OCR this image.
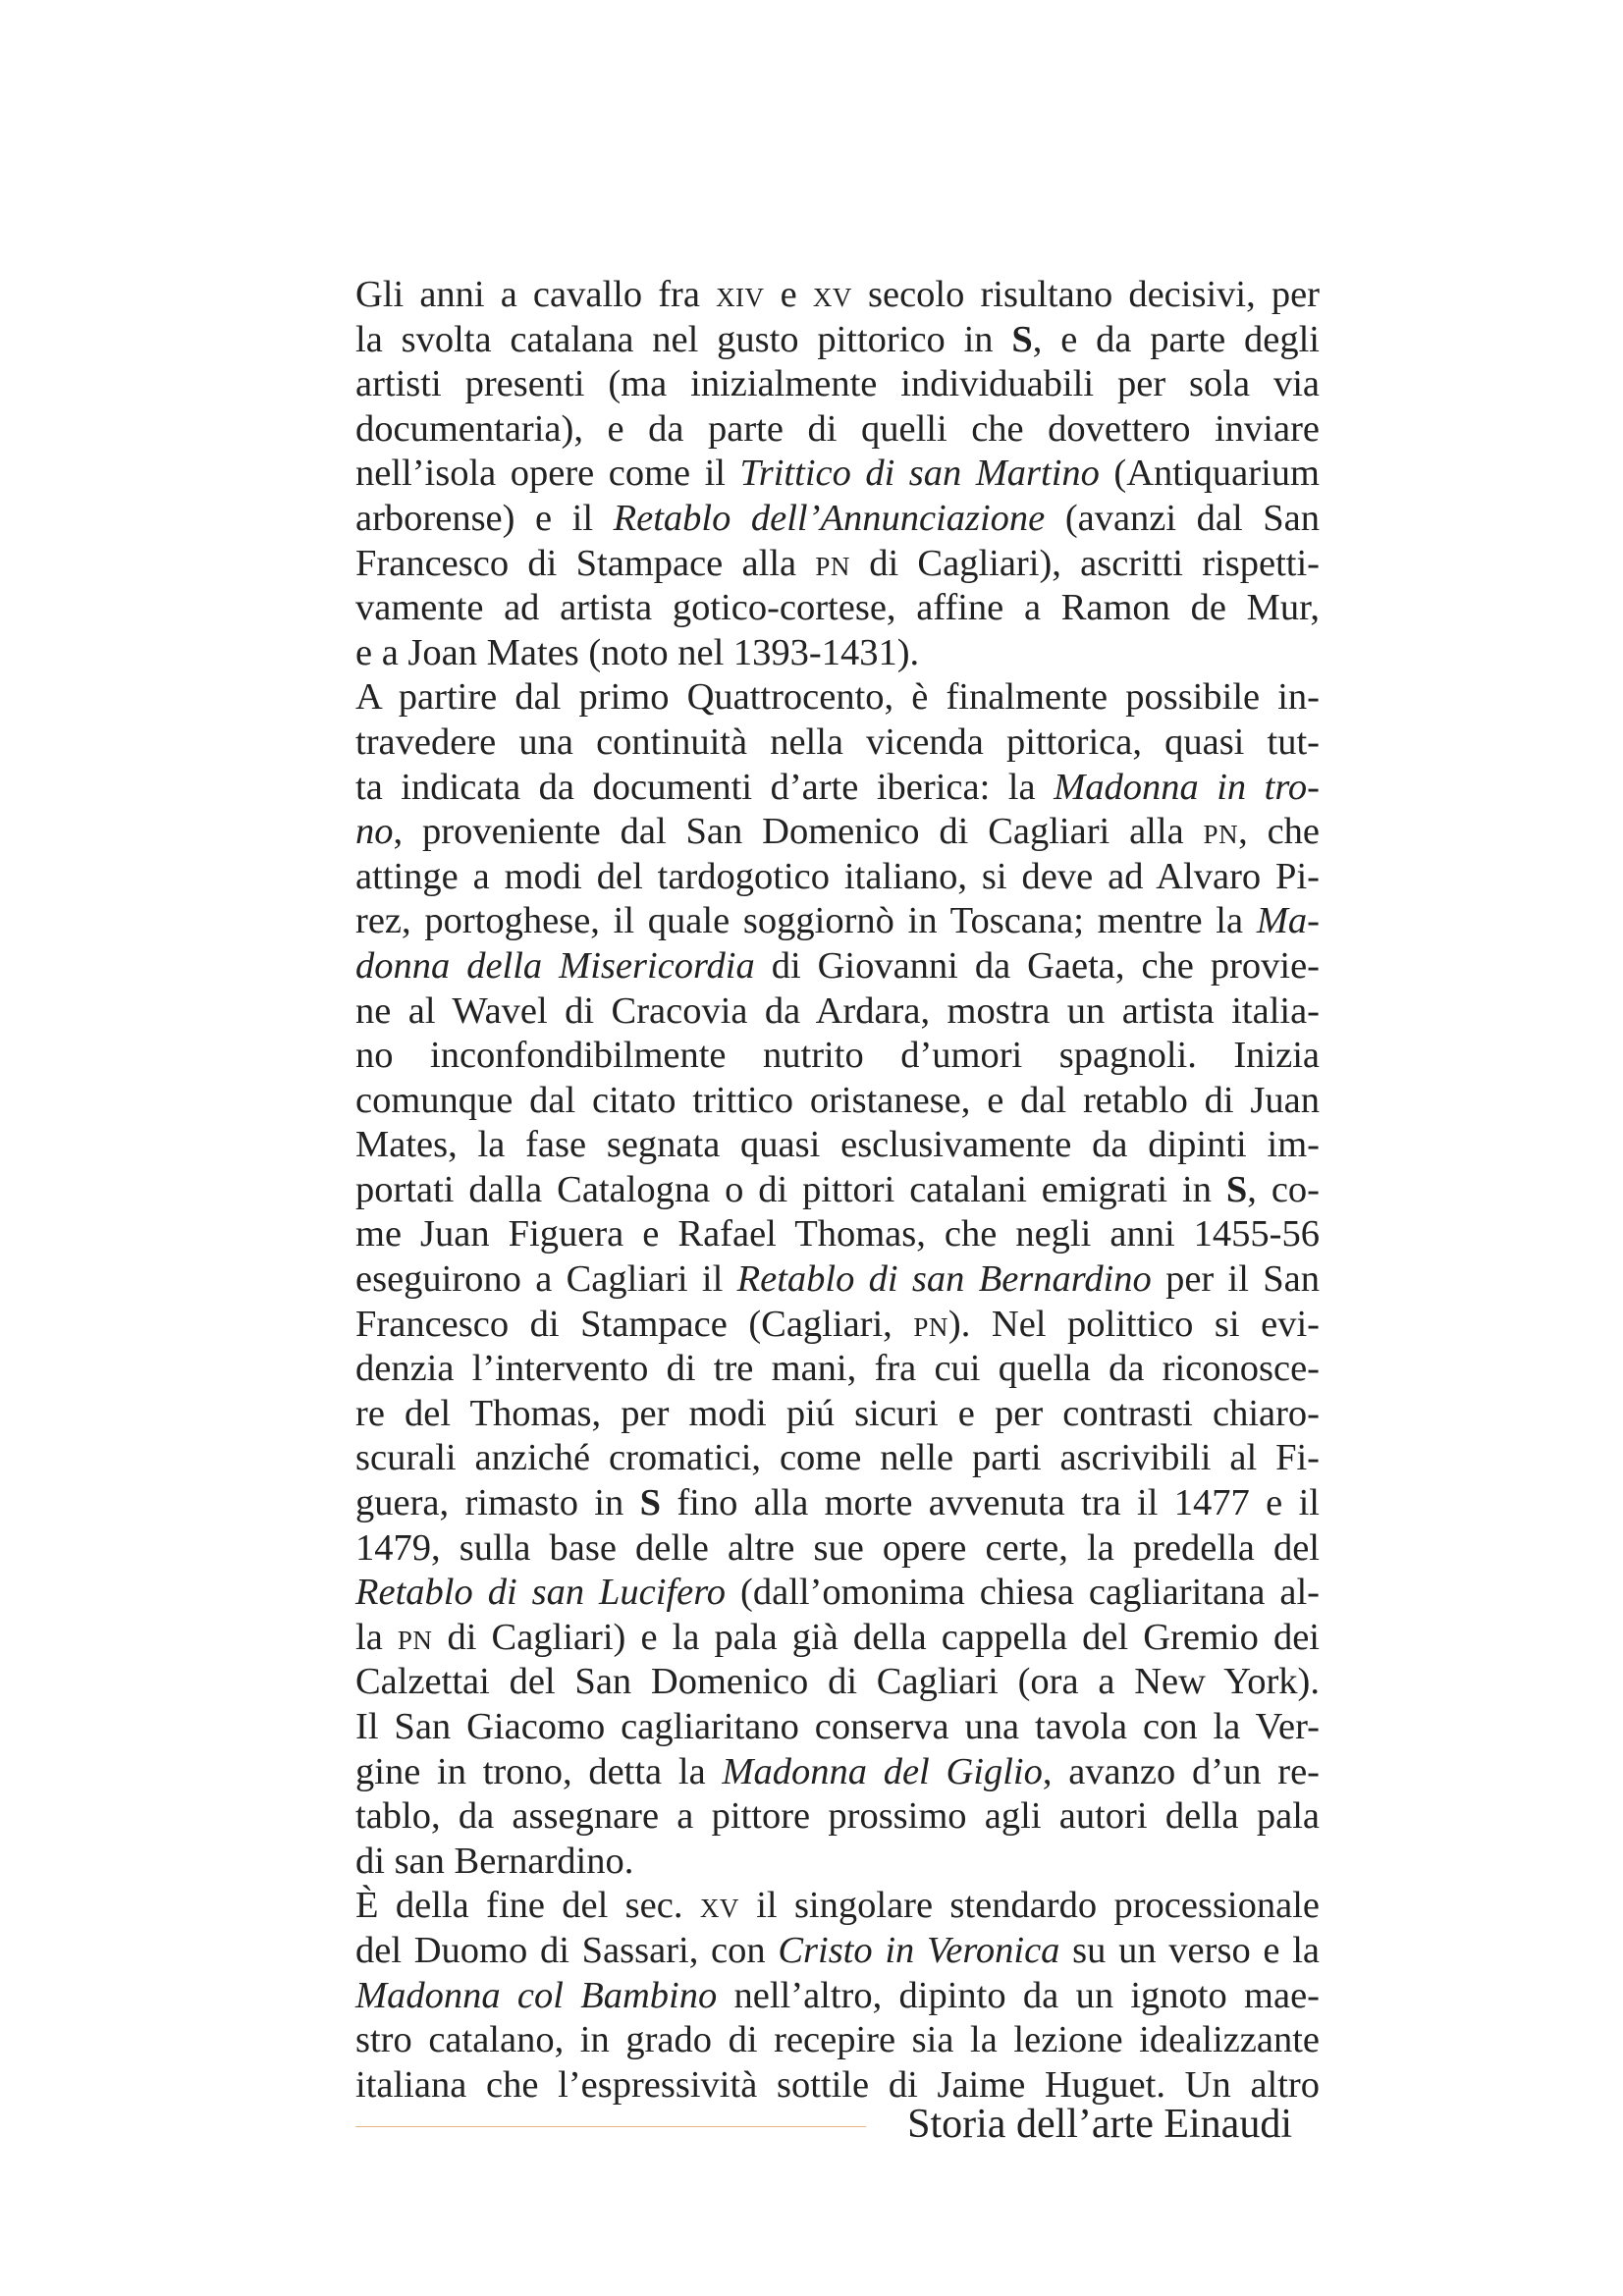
Gli anni a cavallo fra xiv e xv secolo risultano decisivi, per
la svolta catalana nel gusto pittorico in S, e da parte degli
artisti presenti (ma inizialmente individuabili per sola via
documentaria), e da parte di quelli che dovettero inviare
nell’isola opere come il Trittico di san Martino (Antiquarium
arborense) e il Retablo dell’Annunciazione (avanzi dal San
Francesco di Stampace alla pn di Cagliari), ascritti rispetti-
vamente ad artista gotico-cortese, affine a Ramon de Mur,
e a Joan Mates (noto nel 1393-1431).
A partire dal primo Quattrocento, è finalmente possibile in-
travedere una continuità nella vicenda pittorica, quasi tut-
ta indicata da documenti d’arte iberica: la Madonna in tro-
no, proveniente dal San Domenico di Cagliari alla pn, che
attinge a modi del tardogotico italiano, si deve ad Alvaro Pi-
rez, portoghese, il quale soggiornò in Toscana; mentre la Ma-
donna della Misericordia di Giovanni da Gaeta, che provie-
ne al Wavel di Cracovia da Ardara, mostra un artista italia-
no inconfondibilmente nutrito d’umori spagnoli. Inizia
comunque dal citato trittico oristanese, e dal retablo di Juan
Mates, la fase segnata quasi esclusivamente da dipinti im-
portati dalla Catalogna o di pittori catalani emigrati in S, co-
me Juan Figuera e Rafael Thomas, che negli anni 1455-56
eseguirono a Cagliari il Retablo di san Bernardino per il San
Francesco di Stampace (Cagliari, pn). Nel polittico si evi-
denzia l’intervento di tre mani, fra cui quella da riconosce-
re del Thomas, per modi piú sicuri e per contrasti chiaro-
scurali anziché cromatici, come nelle parti ascrivibili al Fi-
guera, rimasto in S fino alla morte avvenuta tra il 1477 e il
1479, sulla base delle altre sue opere certe, la predella del
Retablo di san Lucifero (dall’omonima chiesa cagliaritana al-
la pn di Cagliari) e la pala già della cappella del Gremio dei
Calzettai del San Domenico di Cagliari (ora a New York).
Il San Giacomo cagliaritano conserva una tavola con la Ver-
gine in trono, detta la Madonna del Giglio, avanzo d’un re-
tablo, da assegnare a pittore prossimo agli autori della pala
di san Bernardino.
È della fine del sec. xv il singolare stendardo processionale
del Duomo di Sassari, con Cristo in Veronica su un verso e la
Madonna col Bambino nell’altro, dipinto da un ignoto mae-
stro catalano, in grado di recepire sia la lezione idealizzante
italiana che l’espressività sottile di Jaime Huguet. Un altro
Storia dell’arte Einaudi
